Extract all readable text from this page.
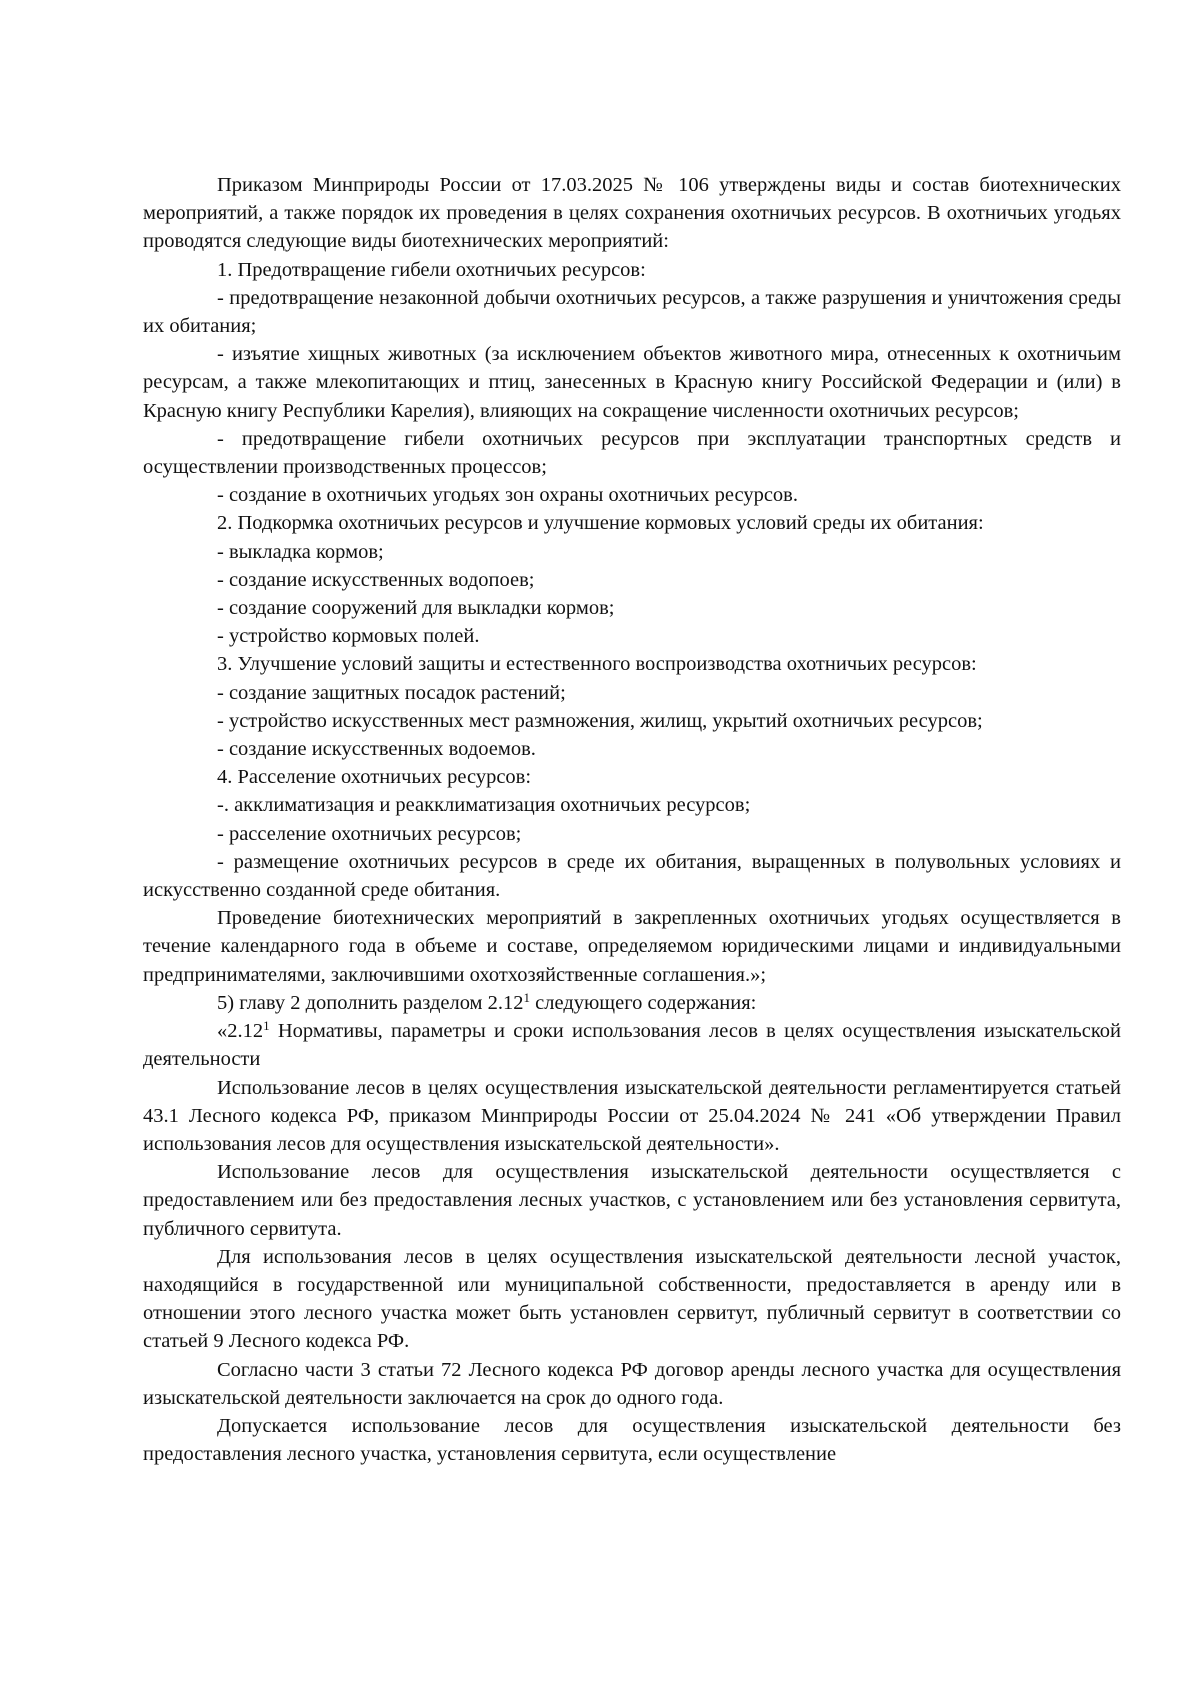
Приказом Минприроды России от 17.03.2025 № 106 утверждены виды и состав биотехнических мероприятий, а также порядок их проведения в целях сохранения охотничьих ресурсов. В охотничьих угодьях проводятся следующие виды биотехнических мероприятий:

1. Предотвращение гибели охотничьих ресурсов:

- предотвращение незаконной добычи охотничьих ресурсов, а также разрушения и уничтожения среды их обитания;

- изъятие хищных животных (за исключением объектов животного мира, отнесенных к охотничьим ресурсам, а также млекопитающих и птиц, занесенных в Красную книгу Российской Федерации и (или) в Красную книгу Республики Карелия), влияющих на сокращение численности охотничьих ресурсов;

- предотвращение гибели охотничьих ресурсов при эксплуатации транспортных средств и осуществлении производственных процессов;

- создание в охотничьих угодьях зон охраны охотничьих ресурсов.

2. Подкормка охотничьих ресурсов и улучшение кормовых условий среды их обитания:

- выкладка кормов;

- создание искусственных водопоев;

- создание сооружений для выкладки кормов;

- устройство кормовых полей.

3. Улучшение условий защиты и естественного воспроизводства охотничьих ресурсов:

- создание защитных посадок растений;

- устройство искусственных мест размножения, жилищ, укрытий охотничьих ресурсов;

- создание искусственных водоемов.

4. Расселение охотничьих ресурсов:

-. акклиматизация и реакклиматизация охотничьих ресурсов;

- расселение охотничьих ресурсов;

- размещение охотничьих ресурсов в среде их обитания, выращенных в полувольных условиях и искусственно созданной среде обитания.

Проведение биотехнических мероприятий в закрепленных охотничьих угодьях осуществляется в течение календарного года в объеме и составе, определяемом юридическими лицами и индивидуальными предпринимателями, заключившими охотхозяйственные соглашения.»;

5) главу 2 дополнить разделом 2.12$^1$ следующего содержания:

«2.12$^1$ Нормативы, параметры и сроки использования лесов в целях осуществления изыскательской деятельности

Использование лесов в целях осуществления изыскательской деятельности регламентируется статьей 43.1 Лесного кодекса РФ, приказом Минприроды России от 25.04.2024 № 241 «Об утверждении Правил использования лесов для осуществления изыскательской деятельности».

Использование лесов для осуществления изыскательской деятельности осуществляется с предоставлением или без предоставления лесных участков, с установлением или без установления сервитута, публичного сервитута.

Для использования лесов в целях осуществления изыскательской деятельности лесной участок, находящийся в государственной или муниципальной собственности, предоставляется в аренду или в отношении этого лесного участка может быть установлен сервитут, публичный сервитут в соответствии со статьей 9 Лесного кодекса РФ.

Согласно части 3 статьи 72 Лесного кодекса РФ договор аренды лесного участка для осуществления изыскательской деятельности заключается на срок до одного года.

Допускается использование лесов для осуществления изыскательской деятельности без предоставления лесного участка, установления сервитута, если осуществление
